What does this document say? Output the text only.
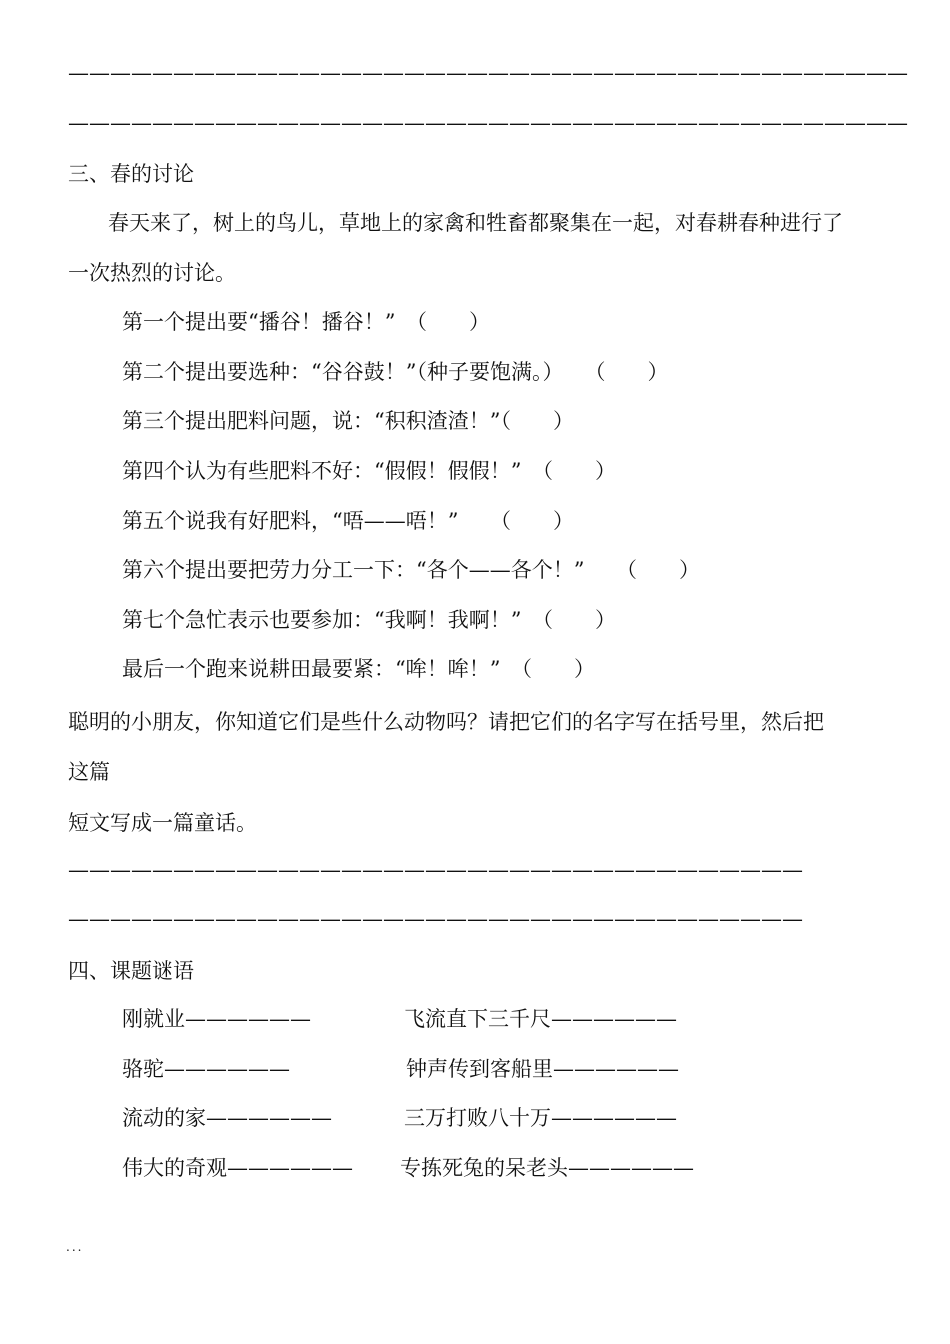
————————————————————————————————————————
————————————————————————————————————————
三、春的讨论
春天来了，树上的鸟儿，草地上的家禽和牲畜都聚集在一起，对春耕春种进行了
一次热烈的讨论。
第一个提出要“播谷！播谷！”　（　　）
第二个提出要选种：“谷谷鼓！”（种子要饱满。）　　（　　）
第三个提出肥料问题，说：“积积渣渣！”（　　）
第四个认为有些肥料不好：“假假！假假！”　（　　）
第五个说我有好肥料，“唔——唔！”　　（　　）
第六个提出要把劳力分工一下：“各个——各个！”　　（　　）
第七个急忙表示也要参加：“我啊！我啊！”　（　　）
最后一个跑来说耕田最要紧：“哞！哞！”　（　　）
聪明的小朋友，你知道它们是些什么动物吗？请把它们的名字写在括号里，然后把
这篇
短文写成一篇童话。
———————————————————————————————————
———————————————————————————————————
四、课题谜语
刚就业——————	飞流直下三千尺——————
骆驼——————	钟声传到客船里——————
流动的家——————	三万打败八十万——————
伟大的奇观—————— 专拣死兔的呆老头——————
...
